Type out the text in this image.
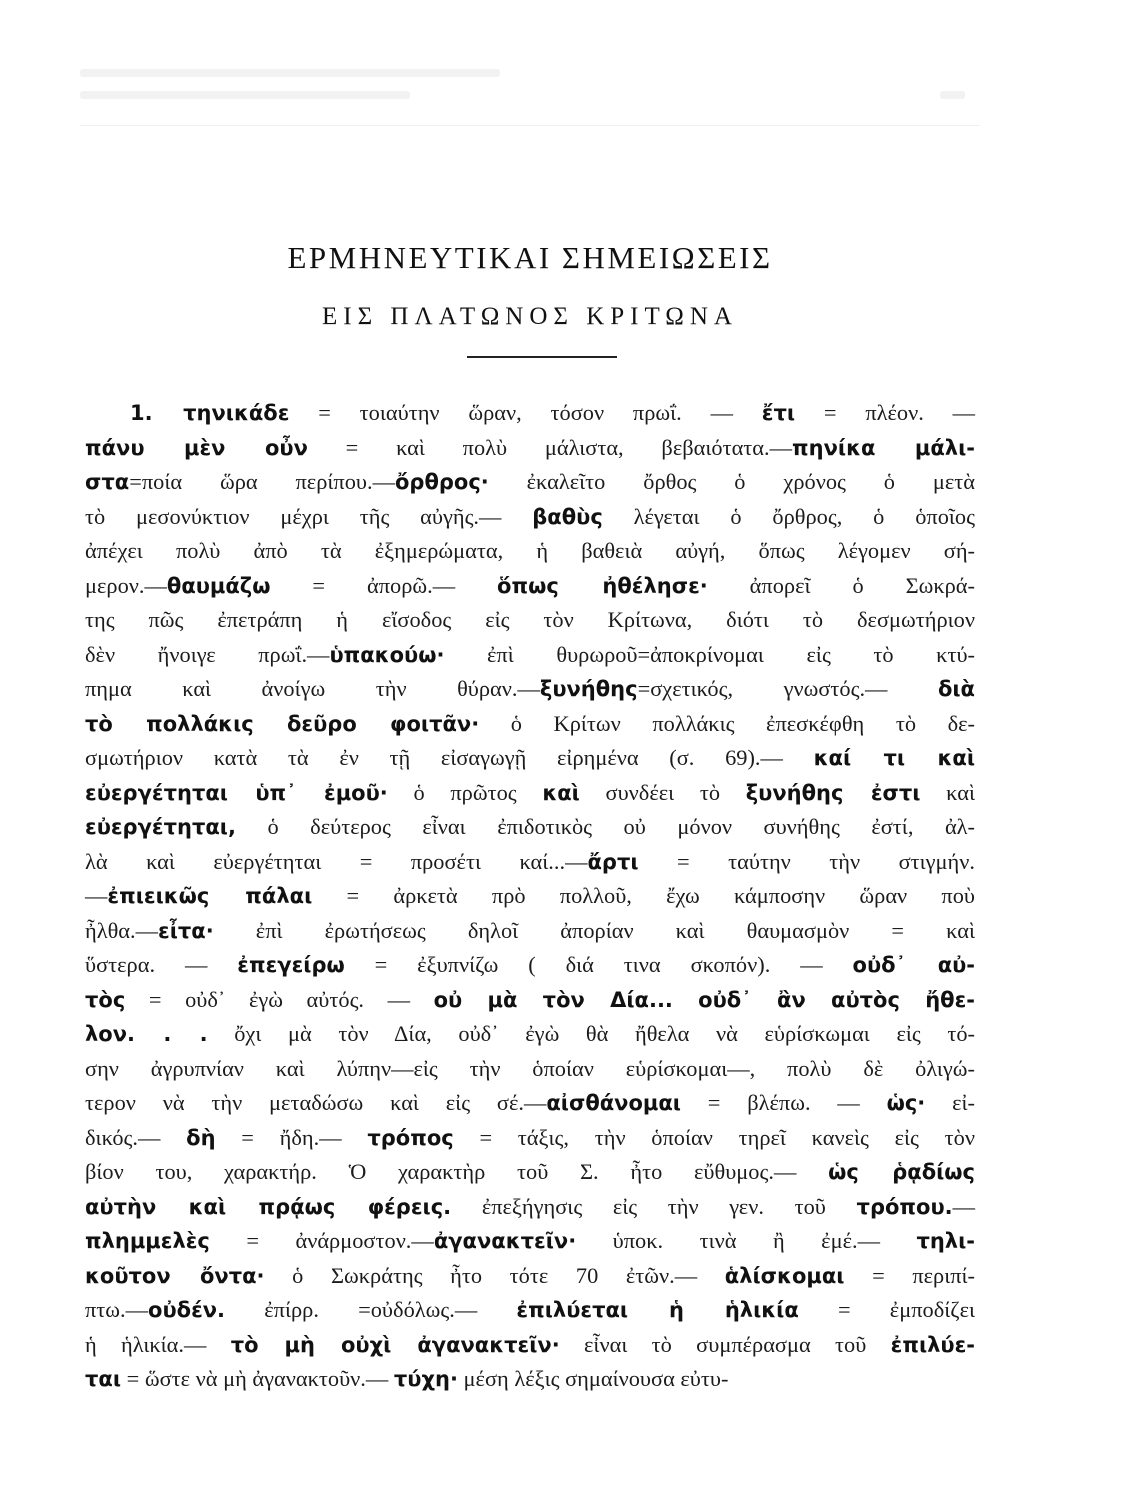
ΕΡΜΗΝΕΥΤΙΚΑΙ ΣΗΜΕΙΩΣΕΙΣ
ΕΙΣ ΠΛΑΤΩΝΟΣ ΚΡΙΤΩΝΑ
1. τηνικάδε = τοιαύτην ὥραν, τόσον πρωΐ. — ἔτι = πλέον. —
πάνυ μὲν οὖν = καὶ πολὺ μάλιστα, βεβαιότατα.—πηνίκα μάλι-
στα=ποία ὥρα περίπου.—ὄρθρος· ἐκαλεῖτο ὄρθος ὁ χρόνος ὁ μετὰ
τὸ μεσονύκτιον μέχρι τῆς αὐγῆς.— βαθὺς λέγεται ὁ ὄρθρος, ὁ ὁποῖος
ἀπέχει πολὺ ἀπὸ τὰ ἐξημερώματα, ἡ βαθειὰ αὐγή, ὅπως λέγομεν σή-
μερον.—θαυμάζω = ἀπορῶ.— ὅπως ἠθέλησε· ἀπορεῖ ὁ Σωκρά-
της πῶς ἐπετράπη ἡ εἴσοδος εἰς τὸν Κρίτωνα, διότι τὸ δεσμωτήριον
δὲν ἤνοιγε πρωΐ.—ὑπακούω· ἐπὶ θυρωροῦ=ἀποκρίνομαι εἰς τὸ κτύ-
πημα καὶ ἀνοίγω τὴν θύραν.—ξυνήθης=σχετικός, γνωστός.— διὰ
τὸ πολλάκις δεῦρο φοιτᾶν· ὁ Κρίτων πολλάκις ἐπεσκέφθη τὸ δε-
σμωτήριον κατὰ τὰ ἐν τῇ εἰσαγωγῇ εἰρημένα (σ. 69).— καί τι καὶ
εὐεργέτηται ὑπ᾽ ἐμοῦ· ὁ πρῶτος καὶ συνδέει τὸ ξυνήθης ἐστι καὶ
εὐεργέτηται, ὁ δεύτερος εἶναι ἐπιδοτικὸς οὐ μόνον συνήθης ἐστί, ἀλ-
λὰ καὶ εὐεργέτηται = προσέτι καί...—ἄρτι = ταύτην τὴν στιγμήν.
—ἐπιεικῶς πάλαι = ἀρκετὰ πρὸ πολλοῦ, ἔχω κάμποσην ὥραν ποὺ
ἦλθα.—εἶτα· ἐπὶ ἐρωτήσεως δηλοῖ ἀπορίαν καὶ θαυμασμὸν = καὶ
ὕστερα. — ἐπεγείρω = ἐξυπνίζω ( διά τινα σκοπόν). — οὐδ᾽ αὐ-
τὸς = οὐδ᾽ ἐγὼ αὐτός. — οὐ μὰ τὸν Δία... οὐδ᾽ ἂν αὐτὸς ἤθε-
λον. . . ὄχι μὰ τὸν Δία, οὐδ᾽ ἐγὼ θὰ ἤθελα νὰ εὑρίσκωμαι εἰς τό-
σην ἀγρυπνίαν καὶ λύπην—εἰς τὴν ὁποίαν εὑρίσκομαι—, πολὺ δὲ ὀλιγώ-
τερον νὰ τὴν μεταδώσω καὶ εἰς σέ.—αἰσθάνομαι = βλέπω. — ὡς· εἰ-
δικός.— δὴ = ἤδη.— τρόπος = τάξις, τὴν ὁποίαν τηρεῖ κανεὶς εἰς τὸν
βίον του, χαρακτήρ. Ὁ χαρακτὴρ τοῦ Σ. ἦτο εὔθυμος.— ὡς ῥᾳδίως
αὐτὴν καὶ πρᾴως φέρεις. ἐπεξήγησις εἰς τὴν γεν. τοῦ τρόπου.—
πλημμελὲς = ἀνάρμοστον.—ἀγανακτεῖν· ὑποκ. τινὰ ἢ ἐμέ.— τηλι-
κοῦτον ὄντα· ὁ Σωκράτης ἦτο τότε 70 ἐτῶν.— ἁλίσκομαι = περιπί-
πτω.—οὐδέν. ἐπίρρ. =οὐδόλως.— ἐπιλύεται ἡ ἡλικία = ἐμποδίζει
ἡ ἡλικία.— τὸ μὴ οὐχὶ ἀγανακτεῖν· εἶναι τὸ συμπέρασμα τοῦ ἐπιλύε-
ται = ὥστε νὰ μὴ ἀγανακτοῦν.— τύχη· μέση λέξις σημαίνουσα εὐτυ-
